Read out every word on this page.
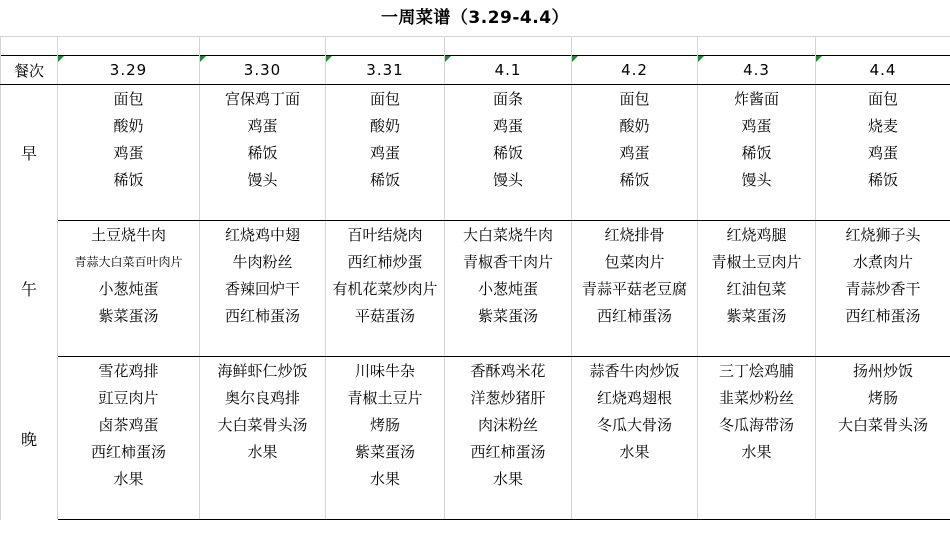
一周菜谱（3.29-4.4）

餐次	3.29	3.30	3.31	4.1	4.2	4.3	4.4
早	面包	宫保鸡丁面	面包	面条	面包	炸酱面	面包
	酸奶	鸡蛋	酸奶	鸡蛋	酸奶	鸡蛋	烧麦
	鸡蛋	稀饭	鸡蛋	稀饭	鸡蛋	稀饭	鸡蛋
	稀饭	馒头	稀饭	馒头	稀饭	馒头	稀饭

午	土豆烧牛肉	红烧鸡中翅	百叶结烧肉	大白菜烧牛肉	红烧排骨	红烧鸡腿	红烧狮子头
	青蒜大白菜百叶肉片	牛肉粉丝	西红柿炒蛋	青椒香干肉片	包菜肉片	青椒土豆肉片	水煮肉片
	小葱炖蛋	香辣回炉干	有机花菜炒肉片	小葱炖蛋	青蒜平菇老豆腐	红油包菜	青蒜炒香干
	紫菜蛋汤	西红柿蛋汤	平菇蛋汤	紫菜蛋汤	西红柿蛋汤	紫菜蛋汤	西红柿蛋汤

晚	雪花鸡排	海鲜虾仁炒饭	川味牛杂	香酥鸡米花	蒜香牛肉炒饭	三丁烩鸡脯	扬州炒饭
	豇豆肉片	奥尔良鸡排	青椒土豆片	洋葱炒猪肝	红烧鸡翅根	韭菜炒粉丝	烤肠
	卤茶鸡蛋	大白菜骨头汤	烤肠	肉沫粉丝	冬瓜大骨汤	冬瓜海带汤	大白菜骨头汤
	西红柿蛋汤	水果	紫菜蛋汤	西红柿蛋汤	水果	水果	
	水果		水果	水果			
